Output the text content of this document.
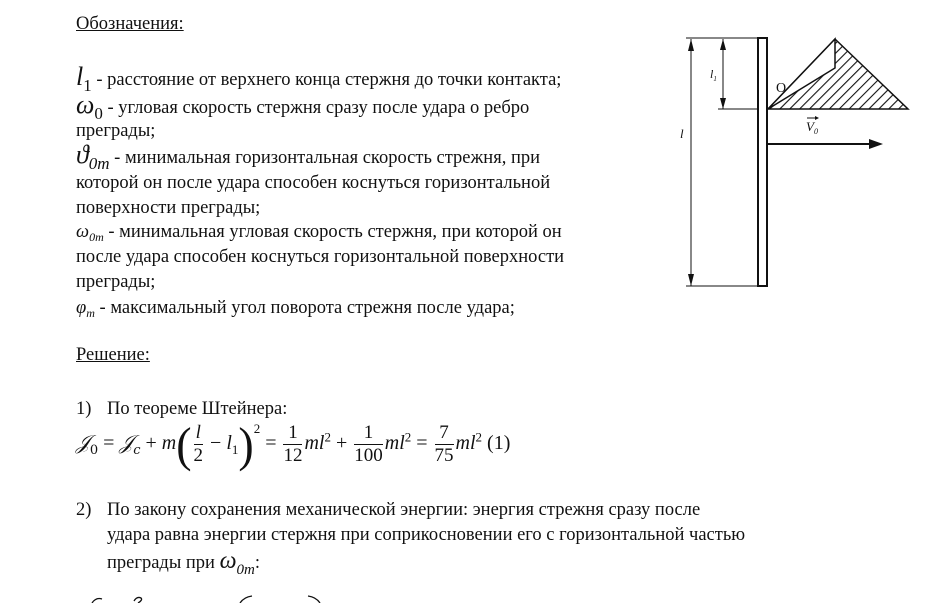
Обозначения:
$l_1$ - расстояние от верхнего конца стержня до точки контакта;
$\omega_0$ - угловая скорость стержня сразу после удара о ребро
преграды;
$ϑ_{0m}$ - минимальная горизонтальная скорость стрежня, при
которой он после удара способен коснуться горизонтальной
поверхности преграды;
$\omega_{0m}$ - минимальная угловая скорость стержня, при которой он
после удара способен коснуться горизонтальной поверхности
преграды;
$\varphi_m$ - максимальный угол поворота стрежня после удара;
Решение:
1) По теореме Штейнера:
𝒥$_0$ = 𝒥$_c$ + $m( \frac{l}{2} - l_1)^2 = \frac{1}{12} ml^2 + \frac{1}{100} ml^2 = \frac{7}{75} ml^2$ (1)
2) По закону сохранения механической энергии: энергия стрежня сразу после
удара равна энергии стержня при соприкосновении его с горизонтальной частью
преграды при $\omega_{0m}$:
$l_1$
l
O
$V_0$
